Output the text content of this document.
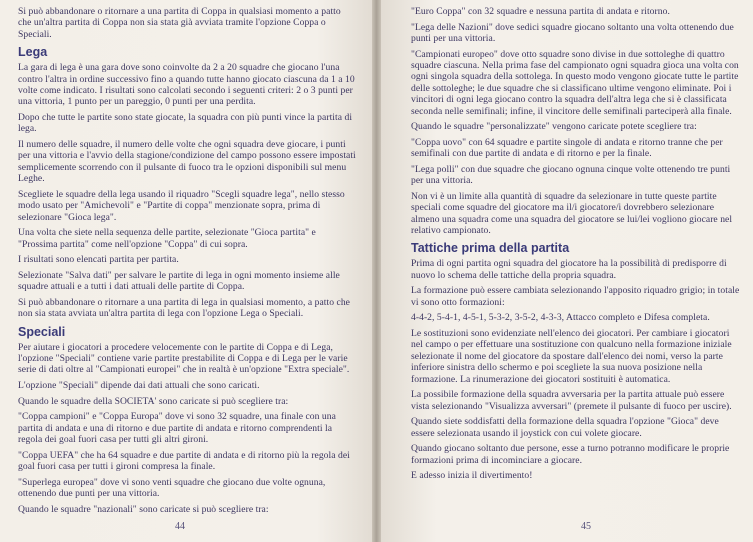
Si può abbandonare o ritornare a una partita di Coppa in qualsiasi momento a patto che un'altra partita di Coppa non sia stata già avviata tramite l'opzione Coppa o Speciali.

Lega

La gara di lega è una gara dove sono coinvolte da 2 a 20 squadre che giocano l'una contro l'altra in ordine successivo fino a quando tutte hanno giocato ciascuna da 1 a 10 volte come indicato. I risultati sono calcolati secondo i seguenti criteri: 2 o 3 punti per una vittoria, 1 punto per un pareggio, 0 punti per una perdita.

Dopo che tutte le partite sono state giocate, la squadra con più punti vince la partita di lega.

Il numero delle squadre, il numero delle volte che ogni squadra deve giocare, i punti per una vittoria e l'avvio della stagione/condizione del campo possono essere impostati semplicemente scorrendo con il pulsante di fuoco tra le opzioni disponibili sul menu Leghe.

Scegliete le squadre della lega usando il riquadro "Scegli squadre lega", nello stesso modo usato per "Amichevoli" e "Partite di coppa" menzionate sopra, prima di selezionare "Gioca lega".

Una volta che siete nella sequenza delle partite, selezionate "Gioca partita" e "Prossima partita" come nell'opzione "Coppa" di cui sopra.

I risultati sono elencati partita per partita.

Selezionate "Salva dati" per salvare le partite di lega in ogni momento insieme alle squadre attuali e a tutti i dati attuali delle partite di Coppa.

Si può abbandonare o ritornare a una partita di lega in qualsiasi momento, a patto che non sia stata avviata un'altra partita di lega con l'opzione Lega o Speciali.

Speciali

Per aiutare i giocatori a procedere velocemente con le partite di Coppa e di Lega, l'opzione "Speciali" contiene varie partite prestabilite di Coppa e di Lega per le varie serie di dati oltre al "Campionati europei" che in realtà è un'opzione "Extra speciale".

L'opzione "Speciali" dipende dai dati attuali che sono caricati.

Quando le squadre della SOCIETA' sono caricate si può scegliere tra:

"Coppa campioni" e "Coppa Europa" dove vi sono 32 squadre, una finale con una partita di andata e una di ritorno e due partite di andata e ritorno comprendenti la regola dei goal fuori casa per tutti gli altri gironi.

"Coppa UEFA" che ha 64 squadre e due partite di andata e di ritorno più la regola dei goal fuori casa per tutti i gironi compresa la finale.

"Superlega europea" dove vi sono venti squadre che giocano due volte ognuna, ottenendo due punti per una vittoria.

Quando le squadre "nazionali" sono caricate si può scegliere tra:

44

"Euro Coppa" con 32 squadre e nessuna partita di andata e ritorno.

"Lega delle Nazioni" dove sedici squadre giocano soltanto una volta ottenendo due punti per una vittoria.

"Campionati europeo" dove otto squadre sono divise in due sottoleghe di quattro squadre ciascuna. Nella prima fase del campionato ogni squadra gioca una volta con ogni singola squadra della sottolega. In questo modo vengono giocate tutte le partite delle sottoleghe; le due squadre che si classificano ultime vengono eliminate. Poi i vincitori di ogni lega giocano contro la squadra dell'altra lega che si è classificata seconda nelle semifinali; infine, il vincitore delle semifinali parteciperà alla finale.

Quando le squadre "personalizzate" vengono caricate potete scegliere tra:

"Coppa uovo" con 64 squadre e partite singole di andata e ritorno tranne che per semifinali con due partite di andata e di ritorno e per la finale.

"Lega polli" con due squadre che giocano ognuna cinque volte ottenendo tre punti per una vittoria.

Non vi è un limite alla quantità di squadre da selezionare in tutte queste partite speciali come squadre del giocatore ma il/i giocatore/i dovrebbero selezionare almeno una squadra come una squadra del giocatore se lui/lei vogliono giocare nel relativo campionato.

Tattiche prima della partita

Prima di ogni partita ogni squadra del giocatore ha la possibilità di predisporre di nuovo lo schema delle tattiche della propria squadra.

La formazione può essere cambiata selezionando l'apposito riquadro grigio; in totale vi sono otto formazioni:

4-4-2, 5-4-1, 4-5-1, 5-3-2, 3-5-2, 4-3-3, Attacco completo e Difesa completa.

Le sostituzioni sono evidenziate nell'elenco dei giocatori. Per cambiare i giocatori nel campo o per effettuare una sostituzione con qualcuno nella formazione iniziale selezionate il nome del giocatore da spostare dall'elenco dei nomi, verso la parte inferiore sinistra dello schermo e poi scegliete la sua nuova posizione nella formazione. La rinumerazione dei giocatori sostituiti è automatica.

La possibile formazione della squadra avversaria per la partita attuale può essere vista selezionando "Visualizza avversari" (premete il pulsante di fuoco per uscire).

Quando siete soddisfatti della formazione della squadra l'opzione "Gioca" deve essere selezionata usando il joystick con cui volete giocare.

Quando giocano soltanto due persone, esse a turno potranno modificare le proprie formazioni prima di incominciare a giocare.

E adesso inizia il divertimento!

45
